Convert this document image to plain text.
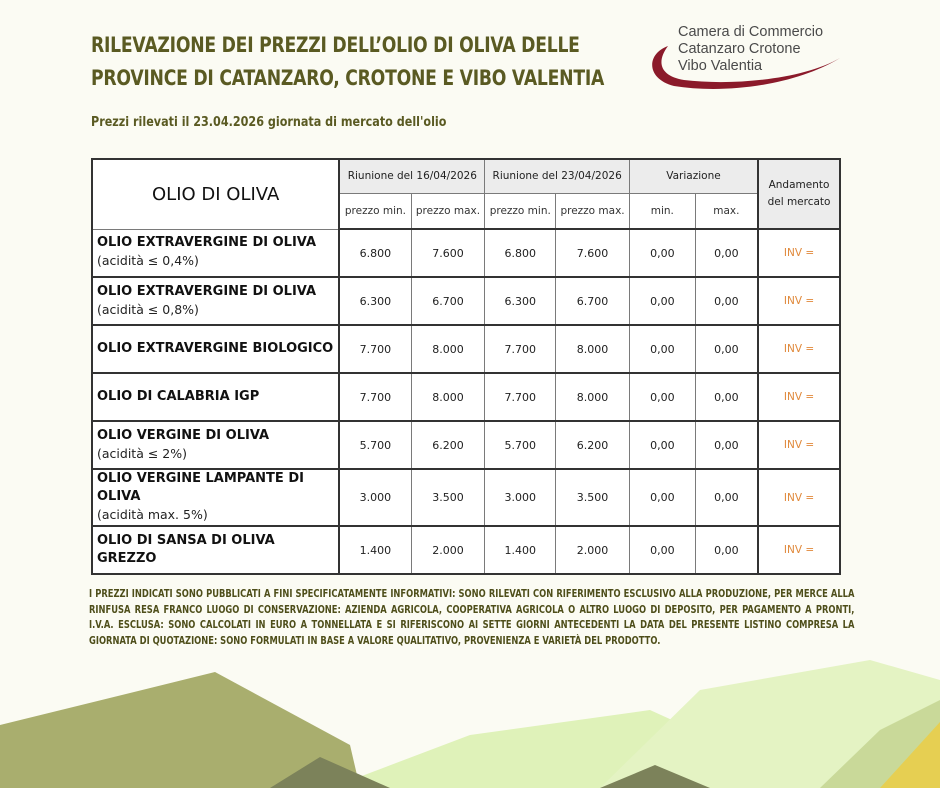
RILEVAZIONE DEI PREZZI DELL’OLIO DI OLIVA DELLE
PROVINCE DI CATANZARO, CROTONE E VIBO VALENTIA
Prezzi rilevati il 23.04.2026 giornata di mercato dell'olio
Camera di Commercio
Catanzaro Crotone
Vibo Valentia
OLIO DI OLIVA	Riunione del 16/04/2026		Riunione del 23/04/2026		Variazione		Andamento
del mercato

	prezzo min.	prezzo max.	prezzo min.	prezzo max.	min.	max.	
OLIO EXTRAVERGINE DI OLIVA
(acidità ≤ 0,4%)	6.800	7.600	6.800	7.600	0,00	0,00	INV =
OLIO EXTRAVERGINE DI OLIVA
(acidità ≤ 0,8%)	6.300	6.700	6.300	6.700	0,00	0,00	INV =
OLIO EXTRAVERGINE BIOLOGICO	7.700	8.000	7.700	8.000	0,00	0,00	INV =
OLIO DI CALABRIA IGP	7.700	8.000	7.700	8.000	0,00	0,00	INV =
OLIO VERGINE DI OLIVA
(acidità ≤ 2%)	5.700	6.200	5.700	6.200	0,00	0,00	INV =
OLIO VERGINE LAMPANTE DI OLIVA
(acidità max. 5%)	3.000	3.500	3.000	3.500	0,00	0,00	INV =
OLIO DI SANSA DI OLIVA GREZZO	1.400	2.000	1.400	2.000	0,00	0,00	INV =
I PREZZI INDICATI SONO PUBBLICATI A FINI SPECIFICATAMENTE INFORMATIVI: SONO RILEVATI CON RIFERIMENTO ESCLUSIVO ALLA PRODUZIONE, PER MERCE ALLA RINFUSA RESA FRANCO LUOGO DI CONSERVAZIONE: AZIENDA AGRICOLA, COOPERATIVA AGRICOLA O ALTRO LUOGO DI DEPOSITO, PER PAGAMENTO A PRONTI, I.V.A. ESCLUSA: SONO CALCOLATI IN EURO A TONNELLATA E SI RIFERISCONO AI SETTE GIORNI ANTECEDENTI LA DATA DEL PRESENTE LISTINO COMPRESA LA GIORNATA DI QUOTAZIONE: SONO FORMULATI IN BASE A VALORE QUALITATIVO, PROVENIENZA E VARIETÀ DEL PRODOTTO.
